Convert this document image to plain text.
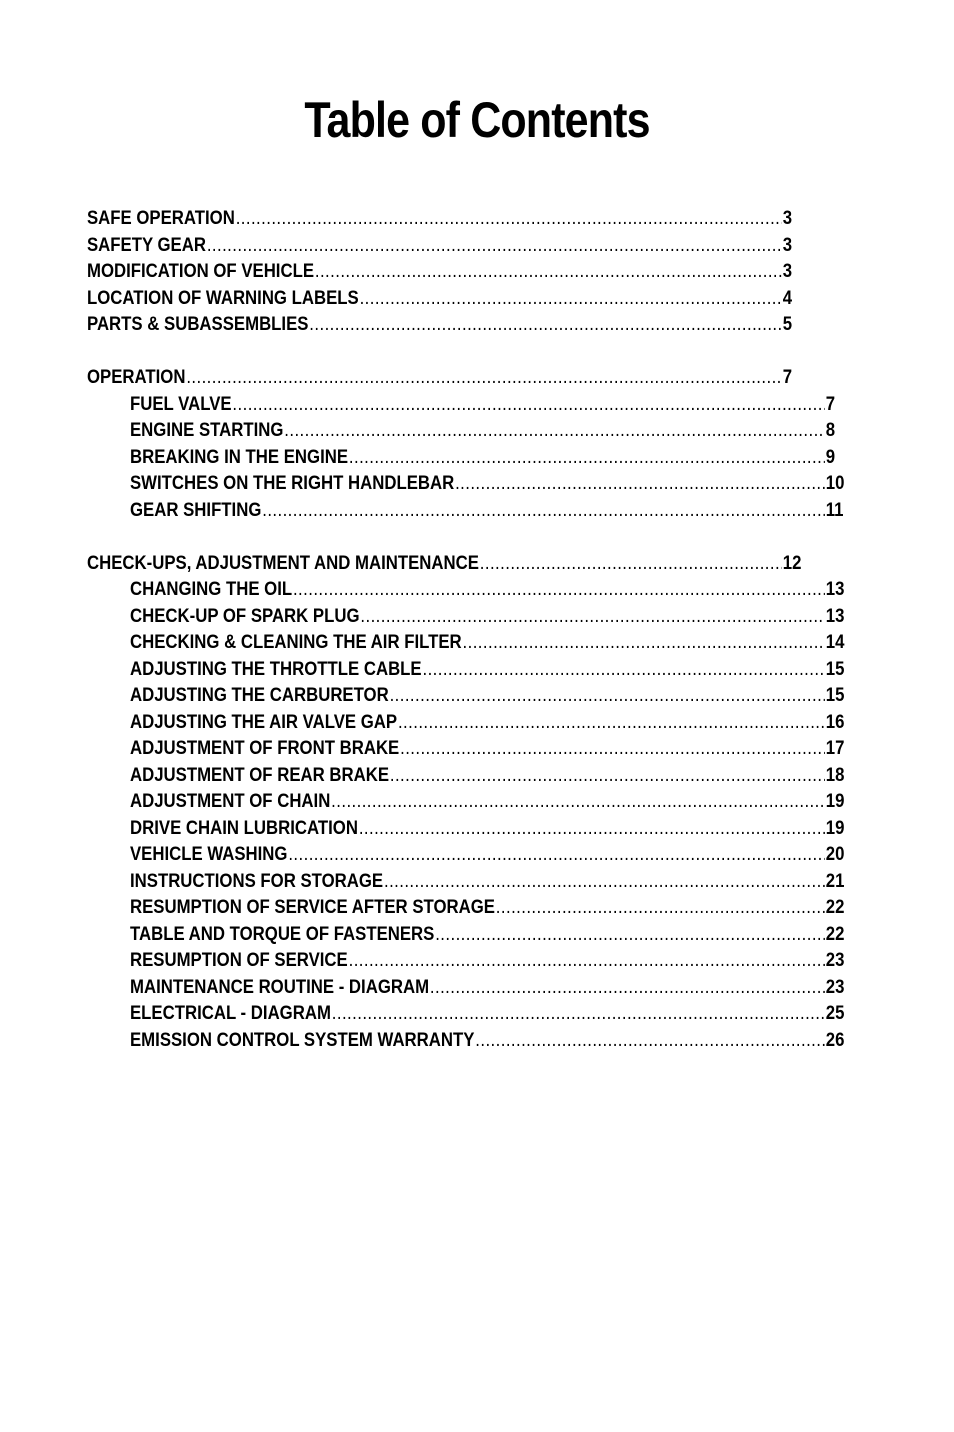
Table of Contents
SAFE OPERATION .....	3
SAFETY GEAR .....	3
MODIFICATION OF VEHICLE .....	3
LOCATION OF WARNING LABELS .....	4
PARTS & SUBASSEMBLIES .....	5
OPERATION .....	7
FUEL VALVE .....	7
ENGINE STARTING .....	8
BREAKING IN THE ENGINE .....	9
SWITCHES ON THE RIGHT HANDLEBAR .....	10
GEAR SHIFTING .....	11
CHECK-UPS, ADJUSTMENT AND MAINTENANCE .....	12
CHANGING THE OIL .....	13
CHECK-UP OF SPARK PLUG .....	13
CHECKING & CLEANING THE AIR FILTER .....	14
ADJUSTING THE THROTTLE CABLE .....	15
ADJUSTING THE CARBURETOR .....	15
ADJUSTING THE AIR VALVE GAP .....	16
ADJUSTMENT OF FRONT BRAKE .....	17
ADJUSTMENT OF REAR BRAKE .....	18
ADJUSTMENT OF CHAIN .....	19
DRIVE CHAIN LUBRICATION .....	19
VEHICLE WASHING .....	20
INSTRUCTIONS FOR STORAGE .....	21
RESUMPTION OF SERVICE AFTER STORAGE .....	22
TABLE AND TORQUE OF FASTENERS .....	22
RESUMPTION OF SERVICE .....	23
MAINTENANCE ROUTINE - DIAGRAM .....	23
ELECTRICAL - DIAGRAM .....	25
EMISSION CONTROL SYSTEM WARRANTY .....	26
